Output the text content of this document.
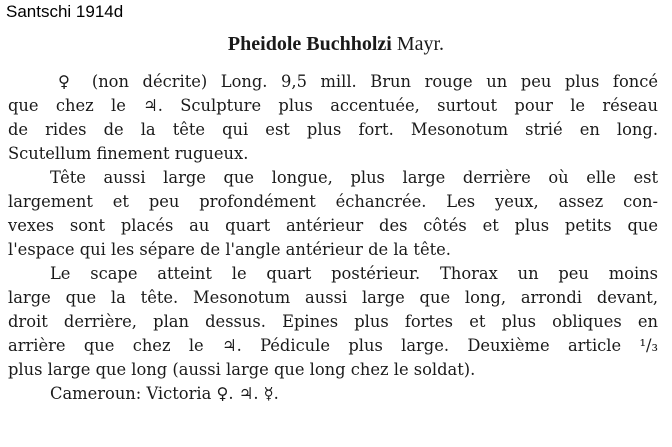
Santschi 1914d
Pheidole Buchholzi Mayr.
♀ (non décrite) Long. 9,5 mill. Brun rouge un peu plus foncé
que chez le ♃. Sculpture plus accentuée, surtout pour le réseau
de rides de la tête qui est plus fort. Mesonotum strié en long.
Scutellum finement rugueux.
Tête aussi large que longue, plus large derrière où elle est
largement et peu profondément échancrée. Les yeux, assez con-
vexes sont placés au quart antérieur des côtés et plus petits que
l'espace qui les sépare de l'angle antérieur de la tête.
Le scape atteint le quart postérieur. Thorax un peu moins
large que la tête. Mesonotum aussi large que long, arrondi devant,
droit derrière, plan dessus. Epines plus fortes et plus obliques en
arrière que chez le ♃. Pédicule plus large. Deuxième article ¹/₃
plus large que long (aussi large que long chez le soldat).
Cameroun: Victoria ♀. ♃. ☿.
